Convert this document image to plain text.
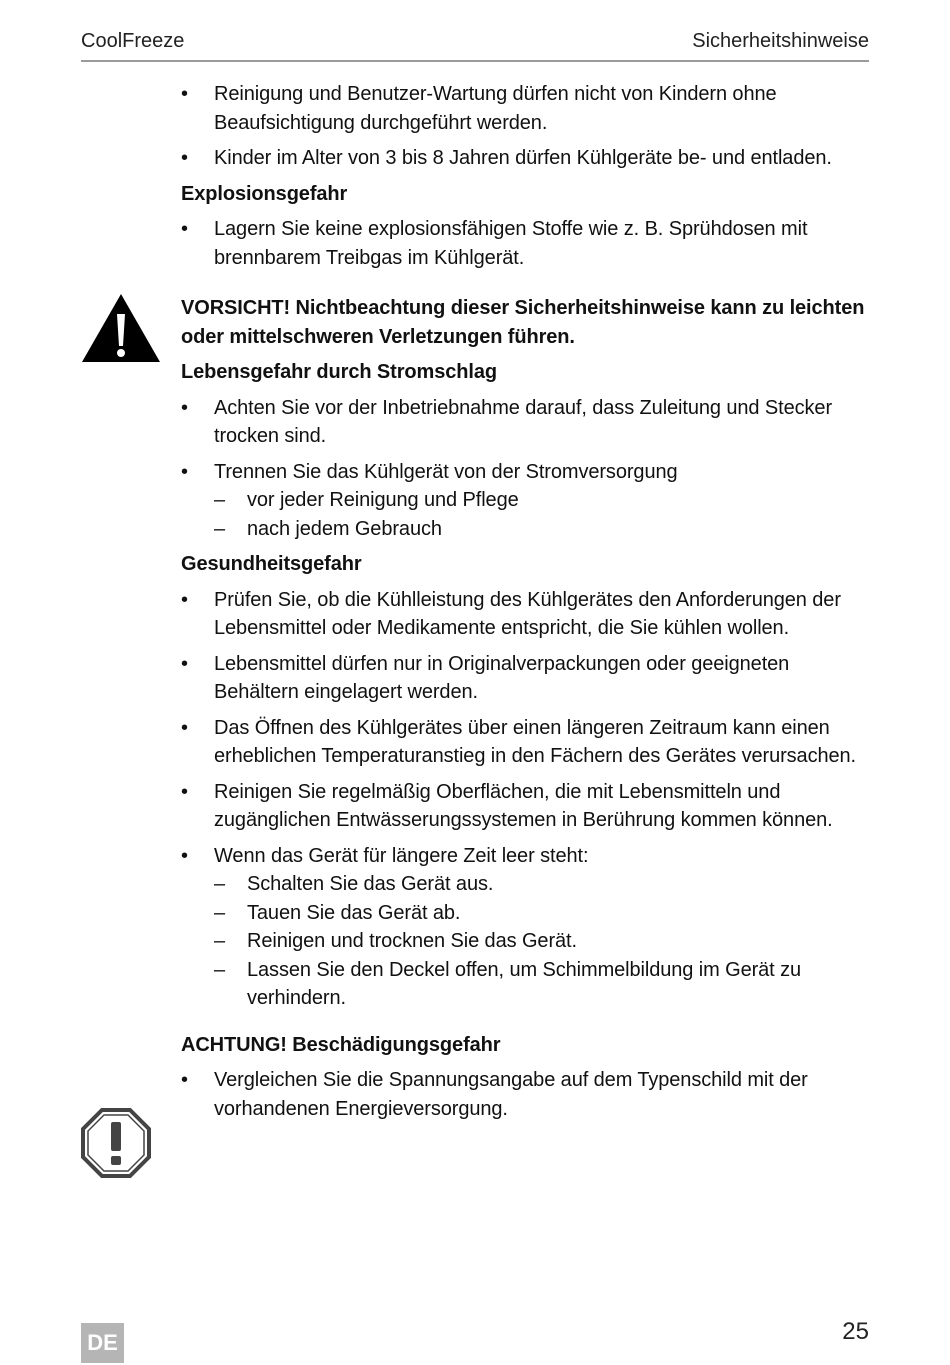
CoolFreeze	Sicherheitshinweise
• Reinigung und Benutzer-Wartung dürfen nicht von Kindern ohne Beaufsichtigung durchgeführt werden.
• Kinder im Alter von 3 bis 8 Jahren dürfen Kühlgeräte be- und entladen.
Explosionsgefahr
• Lagern Sie keine explosionsfähigen Stoffe wie z. B. Sprühdosen mit brennbarem Treibgas im Kühlgerät.
VORSICHT! Nichtbeachtung dieser Sicherheitshinweise kann zu leichten oder mittelschweren Verletzungen führen.
Lebensgefahr durch Stromschlag
• Achten Sie vor der Inbetriebnahme darauf, dass Zuleitung und Stecker trocken sind.
• Trennen Sie das Kühlgerät von der Stromversorgung
– vor jeder Reinigung und Pflege
– nach jedem Gebrauch
Gesundheitsgefahr
• Prüfen Sie, ob die Kühlleistung des Kühlgerätes den Anforderungen der Lebensmittel oder Medikamente entspricht, die Sie kühlen wollen.
• Lebensmittel dürfen nur in Originalverpackungen oder geeigneten Behältern eingelagert werden.
• Das Öffnen des Kühlgerätes über einen längeren Zeitraum kann einen erheblichen Temperaturanstieg in den Fächern des Gerätes verursachen.
• Reinigen Sie regelmäßig Oberflächen, die mit Lebensmitteln und zugänglichen Entwässerungssystemen in Berührung kommen können.
• Wenn das Gerät für längere Zeit leer steht:
– Schalten Sie das Gerät aus.
– Tauen Sie das Gerät ab.
– Reinigen und trocknen Sie das Gerät.
– Lassen Sie den Deckel offen, um Schimmelbildung im Gerät zu verhindern.
ACHTUNG! Beschädigungsgefahr
• Vergleichen Sie die Spannungsangabe auf dem Typenschild mit der vorhandenen Energieversorgung.
DE	25
